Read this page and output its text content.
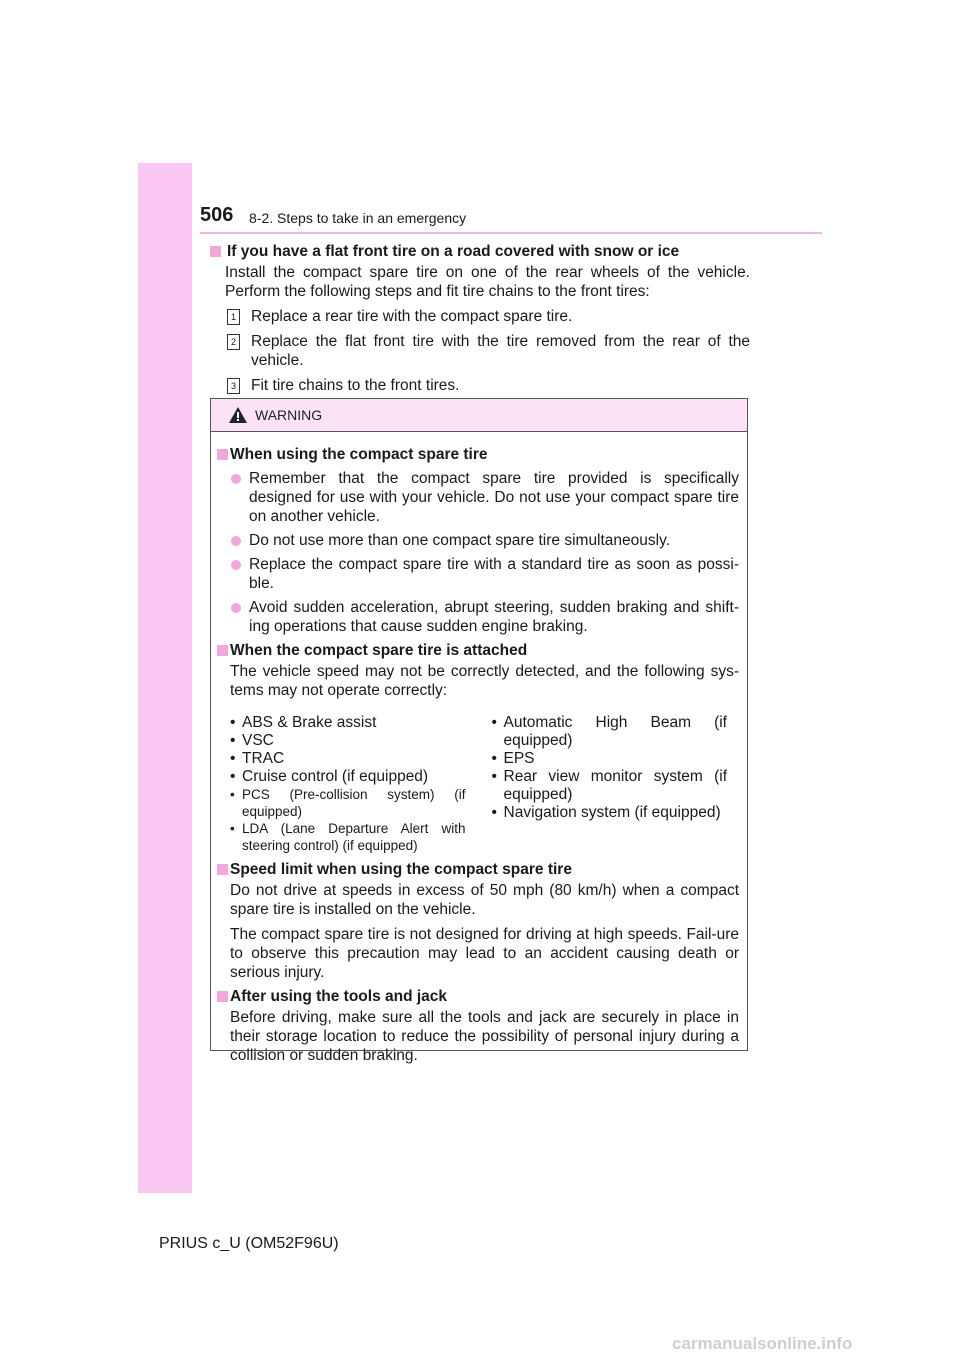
506 8-2. Steps to take in an emergency
If you have a flat front tire on a road covered with snow or ice
Install the compact spare tire on one of the rear wheels of the vehicle. Perform the following steps and fit tire chains to the front tires:
1 Replace a rear tire with the compact spare tire.
2 Replace the flat front tire with the tire removed from the rear of the vehicle.
3 Fit tire chains to the front tires.
WARNING
When using the compact spare tire
Remember that the compact spare tire provided is specifically designed for use with your vehicle. Do not use your compact spare tire on another vehicle.
Do not use more than one compact spare tire simultaneously.
Replace the compact spare tire with a standard tire as soon as possi-ble.
Avoid sudden acceleration, abrupt steering, sudden braking and shift-ing operations that cause sudden engine braking.
When the compact spare tire is attached
The vehicle speed may not be correctly detected, and the following sys-tems may not operate correctly:

• ABS & Brake assist

• VSC

• TRAC

• Cruise control (if equipped)

• PCS (Pre-collision system) (if equipped)

• LDA (Lane Departure Alert with steering control) (if equipped)

• Automatic High Beam (if equipped)

• EPS

• Rear view monitor system (if equipped)

• Navigation system (if equipped)

Speed limit when using the compact spare tire
Do not drive at speeds in excess of 50 mph (80 km/h) when a compact spare tire is installed on the vehicle.
The compact spare tire is not designed for driving at high speeds. Fail-ure to observe this precaution may lead to an accident causing death or serious injury.
After using the tools and jack
Before driving, make sure all the tools and jack are securely in place in their storage location to reduce the possibility of personal injury during a collision or sudden braking.
PRIUS c_U (OM52F96U)
carmanualsonline.info
